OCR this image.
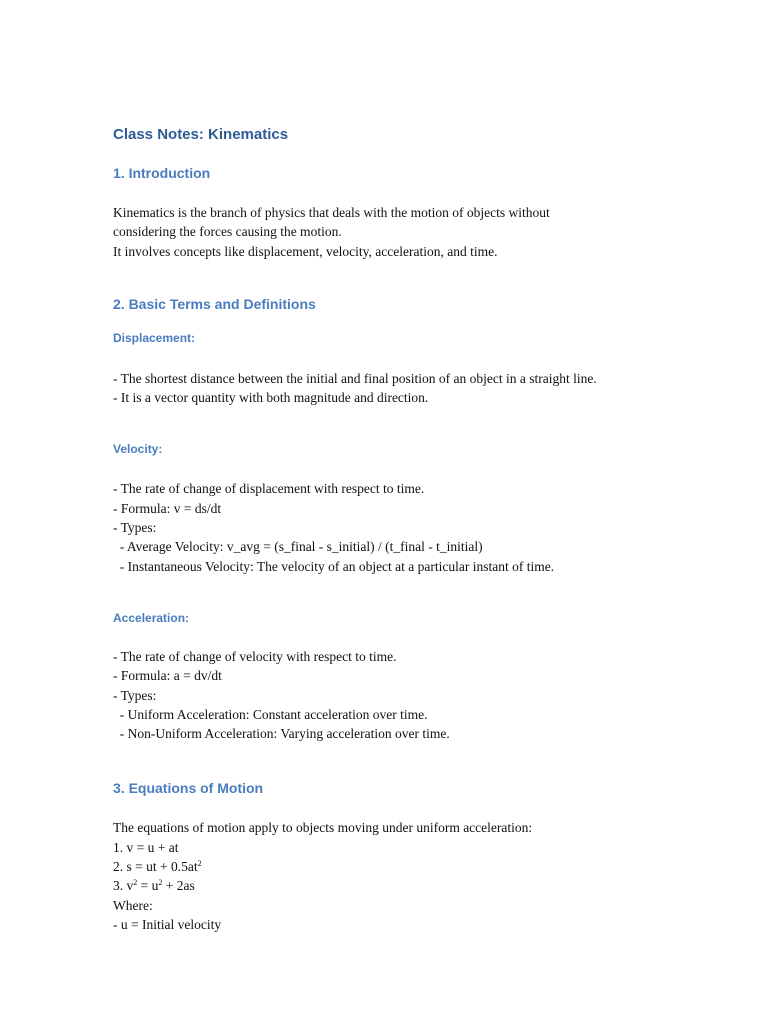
Class Notes: Kinematics
1. Introduction
Kinematics is the branch of physics that deals with the motion of objects without
considering the forces causing the motion.
It involves concepts like displacement, velocity, acceleration, and time.
2. Basic Terms and Definitions
Displacement:
- The shortest distance between the initial and final position of an object in a straight line.
- It is a vector quantity with both magnitude and direction.
Velocity:
- The rate of change of displacement with respect to time.
- Formula: v = ds/dt
- Types:
- Average Velocity: v_avg = (s_final - s_initial) / (t_final - t_initial)
- Instantaneous Velocity: The velocity of an object at a particular instant of time.
Acceleration:
- The rate of change of velocity with respect to time.
- Formula: a = dv/dt
- Types:
- Uniform Acceleration: Constant acceleration over time.
- Non-Uniform Acceleration: Varying acceleration over time.
3. Equations of Motion
The equations of motion apply to objects moving under uniform acceleration:
1. v = u + at
2. s = ut + $0.5at^2$
3. $v^2 = u^2 + 2as$
Where:
- u = Initial velocity
